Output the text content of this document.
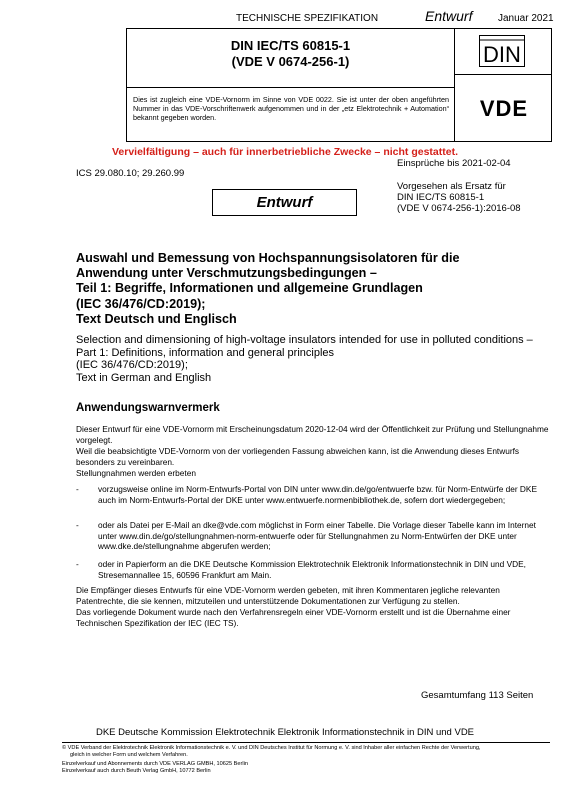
TECHNISCHE SPEZIFIKATION	Entwurf	Januar 2021
DIN IEC/TS 60815-1
(VDE V 0674-256-1)
Dies ist zugleich eine VDE-Vornorm im Sinne von VDE 0022. Sie ist unter der oben angeführten Nummer in das VDE-Vorschriftenwerk aufgenommen und in der „etz Elektrotechnik + Automation“ bekannt gegeben worden.
DIN
VDE
Vervielfältigung – auch für innerbetriebliche Zwecke – nicht gestattet.
ICS 29.080.10; 29.260.99
Einsprüche bis 2021-02-04
Vorgesehen als Ersatz für
DIN IEC/TS 60815-1
(VDE V 0674-256-1):2016-08
Entwurf
Auswahl und Bemessung von Hochspannungsisolatoren für die
Anwendung unter Verschmutzungsbedingungen –
Teil 1: Begriffe, Informationen und allgemeine Grundlagen
(IEC 36/476/CD:2019);
Text Deutsch und Englisch
Selection and dimensioning of high-voltage insulators intended for use in polluted conditions –
Part 1: Definitions, information and general principles
(IEC 36/476/CD:2019);
Text in German and English
Anwendungswarnvermerk
Dieser Entwurf für eine VDE-Vornorm mit Erscheinungsdatum 2020-12-04 wird der Öffentlichkeit zur Prüfung und Stellungnahme vorgelegt.
Weil die beabsichtigte VDE-Vornorm von der vorliegenden Fassung abweichen kann, ist die Anwendung dieses Entwurfs besonders zu vereinbaren.
Stellungnahmen werden erbeten
- vorzugsweise online im Norm-Entwurfs-Portal von DIN unter www.din.de/go/entwuerfe bzw. für Norm-Entwürfe der DKE auch im Norm-Entwurfs-Portal der DKE unter www.entwuerfe.normenbibliothek.de, sofern dort wiedergegeben;
- oder als Datei per E-Mail an dke@vde.com möglichst in Form einer Tabelle. Die Vorlage dieser Tabelle kann im Internet unter www.din.de/go/stellungnahmen-norm-entwuerfe oder für Stellungnahmen zu Norm-Entwürfen der DKE unter www.dke.de/stellungnahme abgerufen werden;
- oder in Papierform an die DKE Deutsche Kommission Elektrotechnik Elektronik Informationstechnik in DIN und VDE, Stresemannallee 15, 60596 Frankfurt am Main.
Die Empfänger dieses Entwurfs für eine VDE-Vornorm werden gebeten, mit ihren Kommentaren jegliche relevanten Patentrechte, die sie kennen, mitzuteilen und unterstützende Dokumentationen zur Verfügung zu stellen.
Das vorliegende Dokument wurde nach den Verfahrensregeln einer VDE-Vornorm erstellt und ist die Übernahme einer Technischen Spezifikation der IEC (IEC TS).
Gesamtumfang 113 Seiten
DKE Deutsche Kommission Elektrotechnik Elektronik Informationstechnik in DIN und VDE
© VDE Verband der Elektrotechnik Elektronik Informationstechnik e. V. und DIN Deutsches Institut für Normung e. V. sind Inhaber aller einfachen Rechte der Verwertung,
gleich in welcher Form und welchem Verfahren.
Einzelverkauf und Abonnements durch VDE VERLAG GMBH, 10625 Berlin
Einzelverkauf auch durch Beuth Verlag GmbH, 10772 Berlin
